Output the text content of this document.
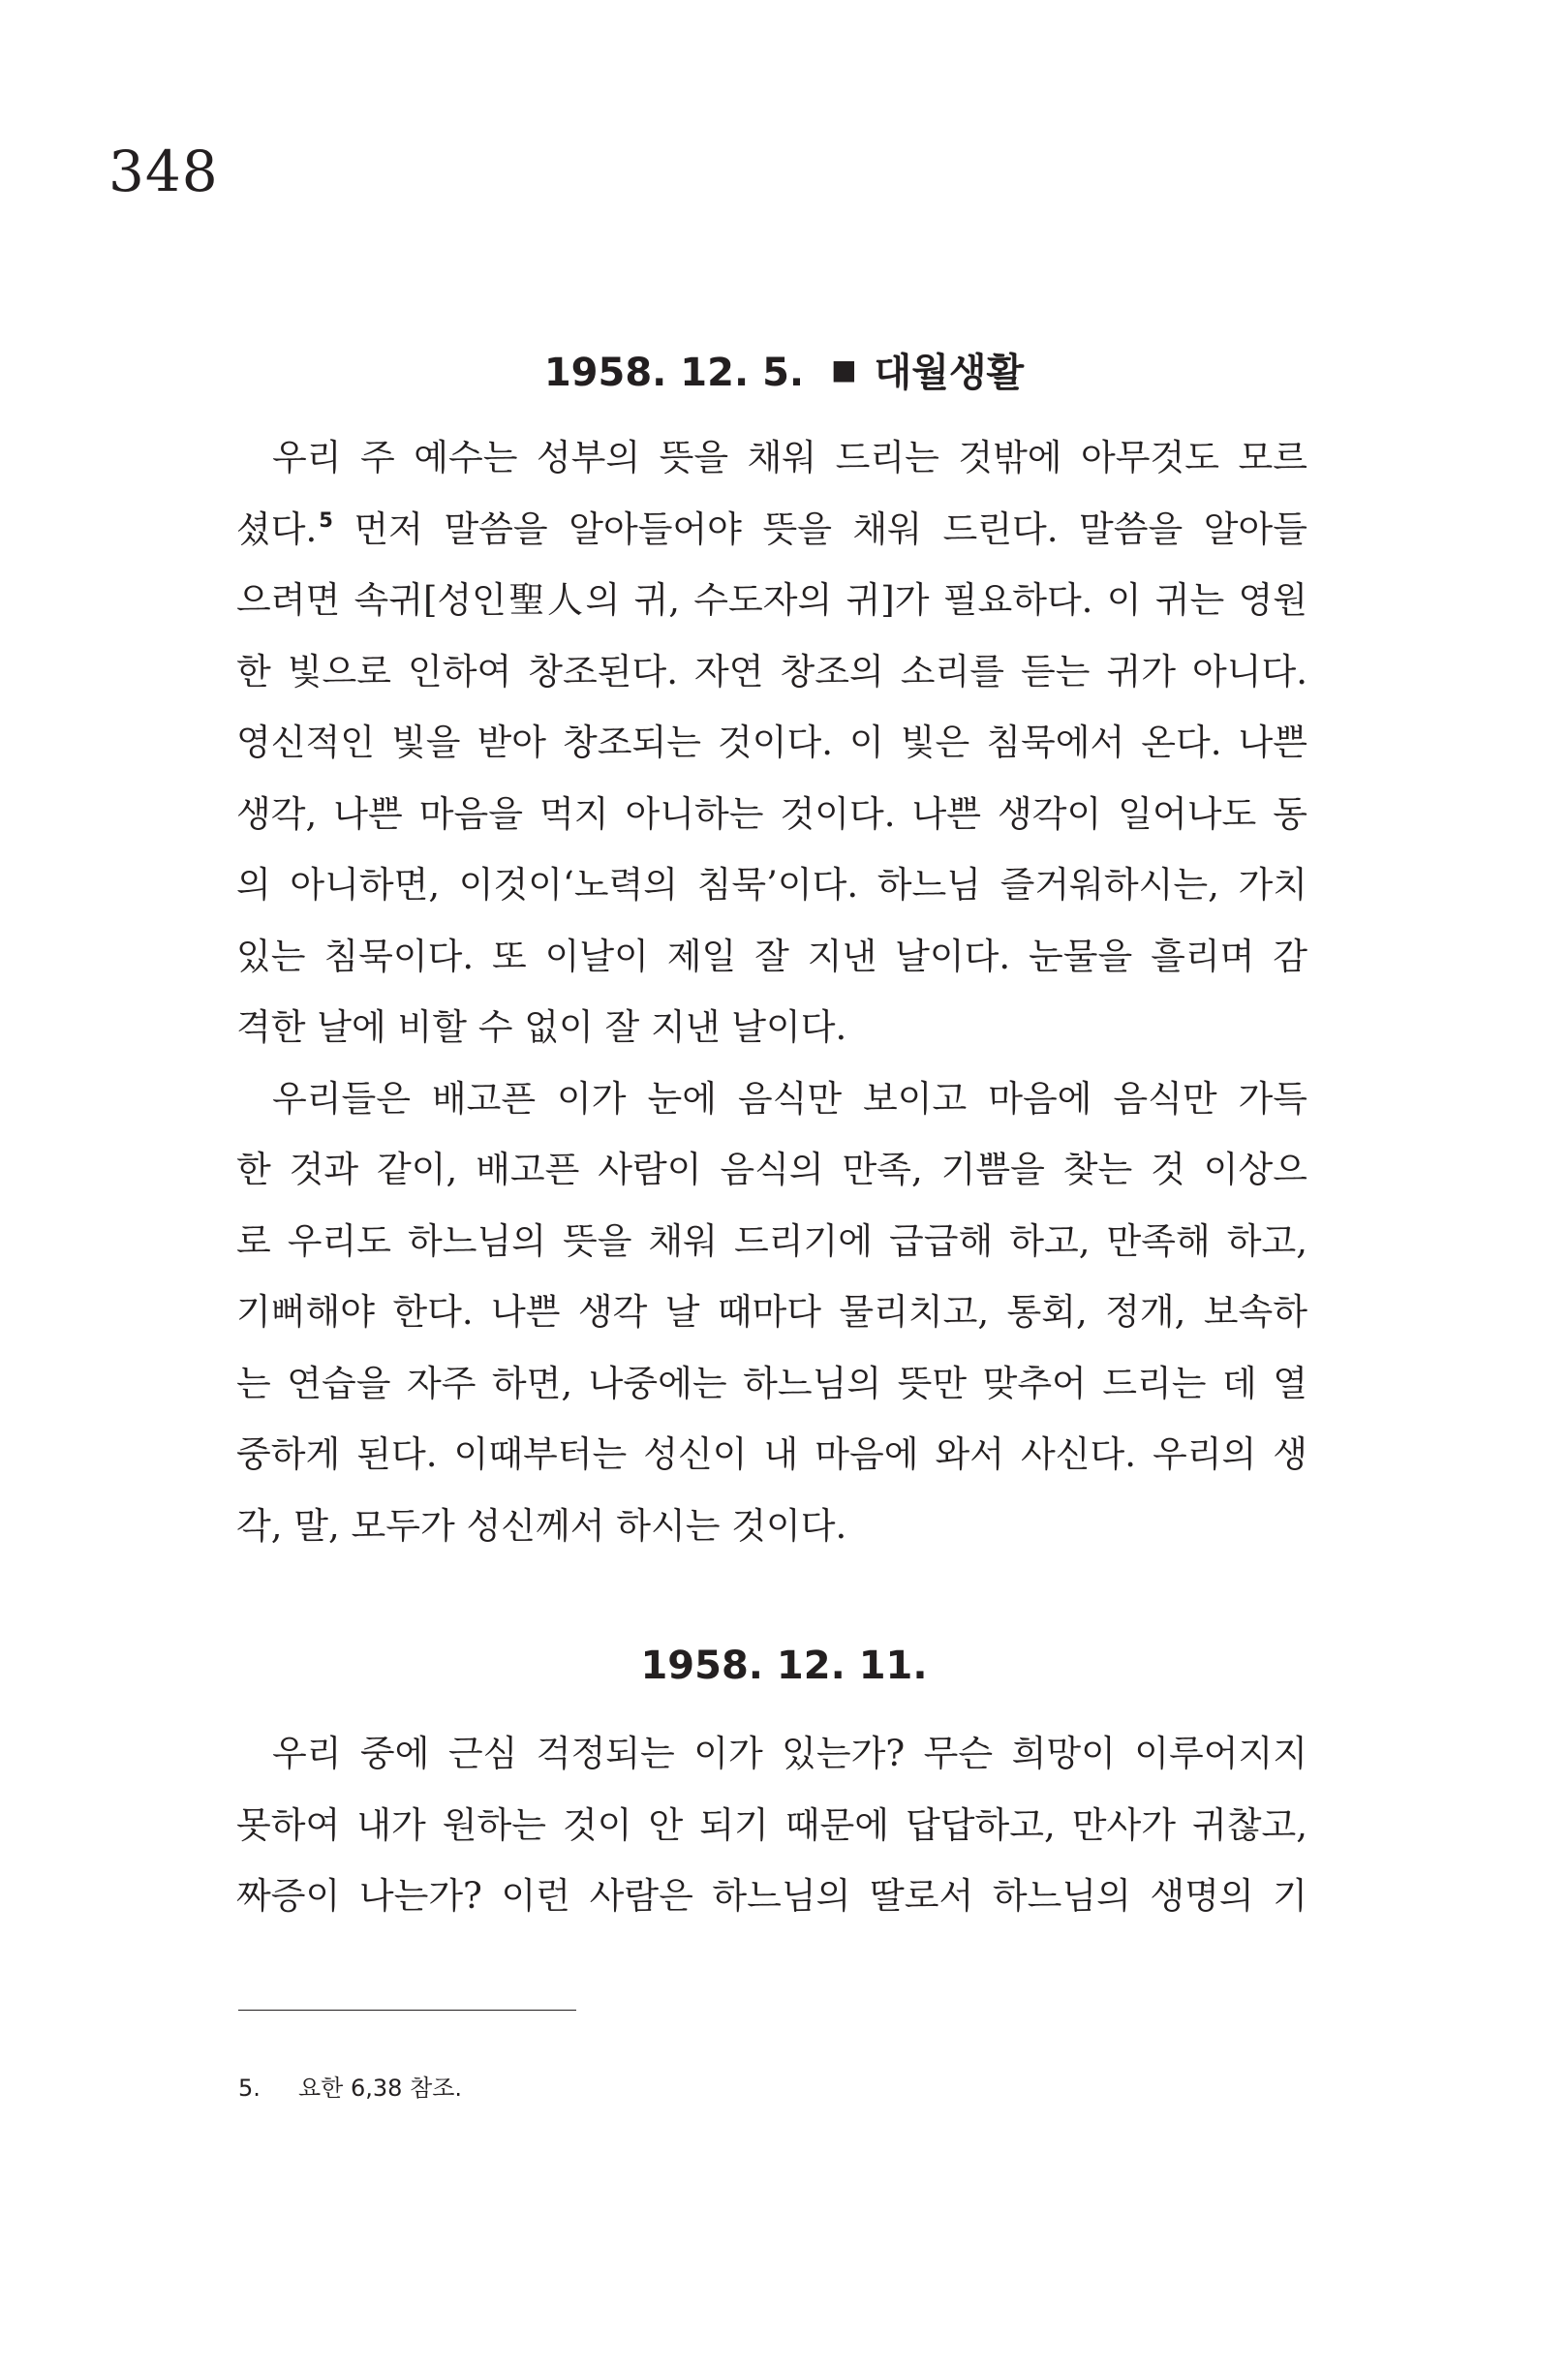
348
1958. 12. 5. ■ 대월생활
우리 주 예수는 성부의 뜻을 채워 드리는 것밖에 아무것도 모르
셨다.$^5$ 먼저 말씀을 알아들어야 뜻을 채워 드린다. 말씀을 알아들
으려면 속귀[성인聖人의 귀, 수도자의 귀]가 필요하다. 이 귀는 영원
한 빛으로 인하여 창조된다. 자연 창조의 소리를 듣는 귀가 아니다.
영신적인 빛을 받아 창조되는 것이다. 이 빛은 침묵에서 온다. 나쁜
생각, 나쁜 마음을 먹지 아니하는 것이다. 나쁜 생각이 일어나도 동
의 아니하면, 이것이‘노력의 침묵’이다. 하느님 즐거워하시는, 가치
있는 침묵이다. 또 이날이 제일 잘 지낸 날이다. 눈물을 흘리며 감
격한 날에 비할 수 없이 잘 지낸 날이다.
우리들은 배고픈 이가 눈에 음식만 보이고 마음에 음식만 가득
한 것과 같이, 배고픈 사람이 음식의 만족, 기쁨을 찾는 것 이상으
로 우리도 하느님의 뜻을 채워 드리기에 급급해 하고, 만족해 하고,
기뻐해야 한다. 나쁜 생각 날 때마다 물리치고, 통회, 정개, 보속하
는 연습을 자주 하면, 나중에는 하느님의 뜻만 맞추어 드리는 데 열
중하게 된다. 이때부터는 성신이 내 마음에 와서 사신다. 우리의 생
각, 말, 모두가 성신께서 하시는 것이다.
1958. 12. 11.
우리 중에 근심 걱정되는 이가 있는가? 무슨 희망이 이루어지지
못하여 내가 원하는 것이 안 되기 때문에 답답하고, 만사가 귀찮고,
짜증이 나는가? 이런 사람은 하느님의 딸로서 하느님의 생명의 기
5. 요한 6,38 참조.
